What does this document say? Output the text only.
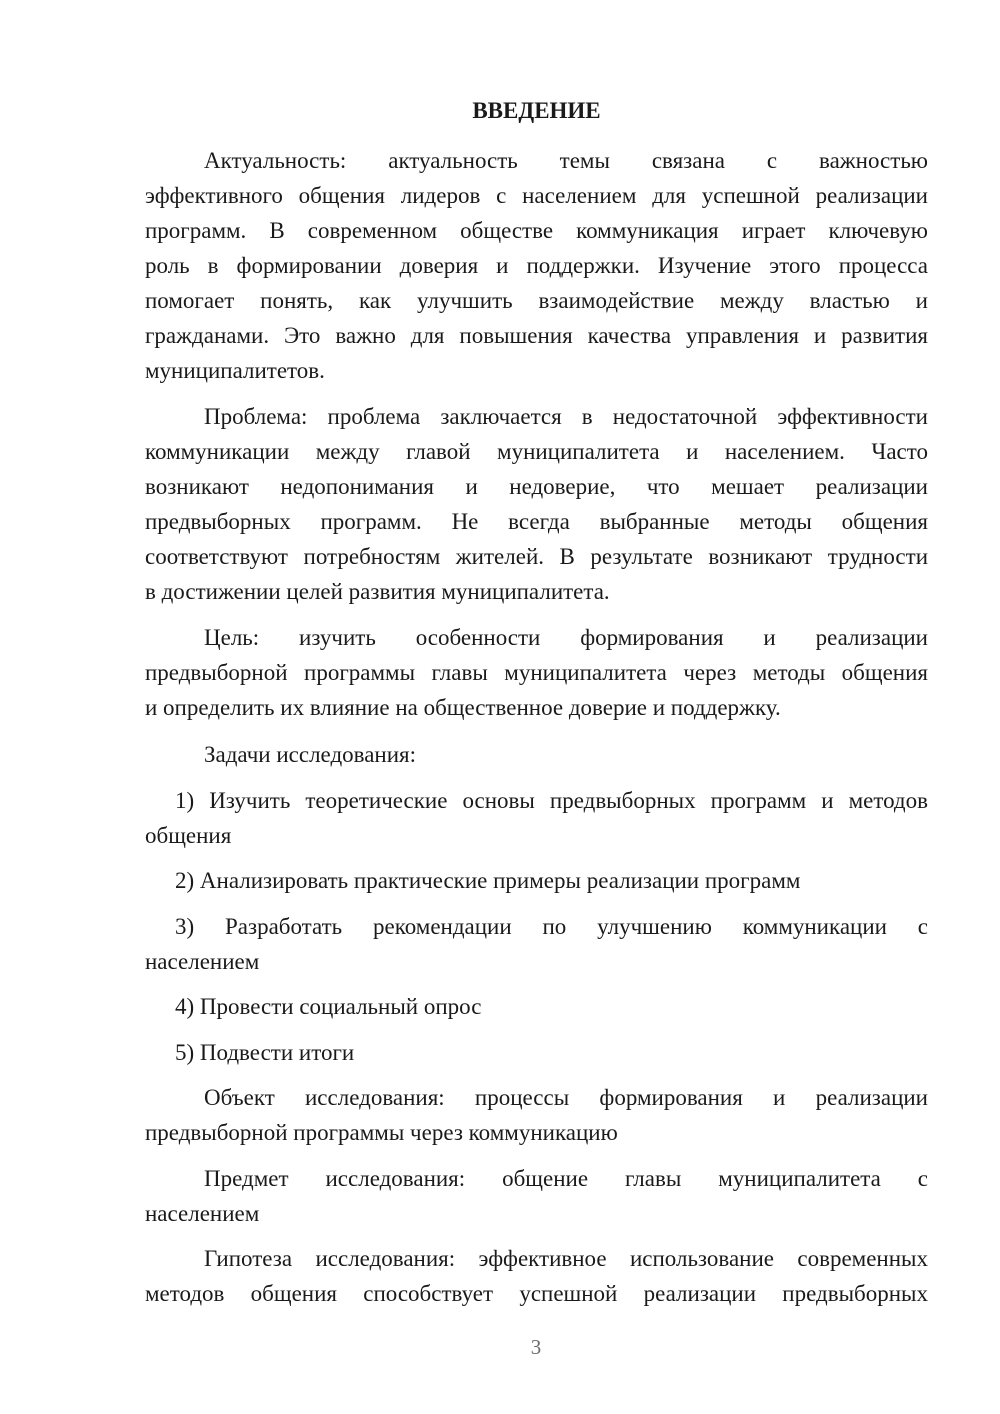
ВВЕДЕНИЕ
Актуальность: актуальность темы связана с важностью
эффективного общения лидеров с населением для успешной реализации
программ. В современном обществе коммуникация играет ключевую
роль в формировании доверия и поддержки. Изучение этого процесса
помогает понять, как улучшить взаимодействие между властью и
гражданами. Это важно для повышения качества управления и развития
муниципалитетов.
Проблема: проблема заключается в недостаточной эффективности
коммуникации между главой муниципалитета и населением. Часто
возникают недопонимания и недоверие, что мешает реализации
предвыборных программ. Не всегда выбранные методы общения
соответствуют потребностям жителей. В результате возникают трудности
в достижении целей развития муниципалитета.
Цель: изучить особенности формирования и реализации
предвыборной программы главы муниципалитета через методы общения
и определить их влияние на общественное доверие и поддержку.
Задачи исследования:
1) Изучить теоретические основы предвыборных программ и методов
общения
2) Анализировать практические примеры реализации программ
3) Разработать рекомендации по улучшению коммуникации с
населением
4) Провести социальный опрос
5) Подвести итоги
Объект исследования: процессы формирования и реализации
предвыборной программы через коммуникацию
Предмет исследования: общение главы муниципалитета с
населением
Гипотеза исследования: эффективное использование современных
методов общения способствует успешной реализации предвыборных
3
